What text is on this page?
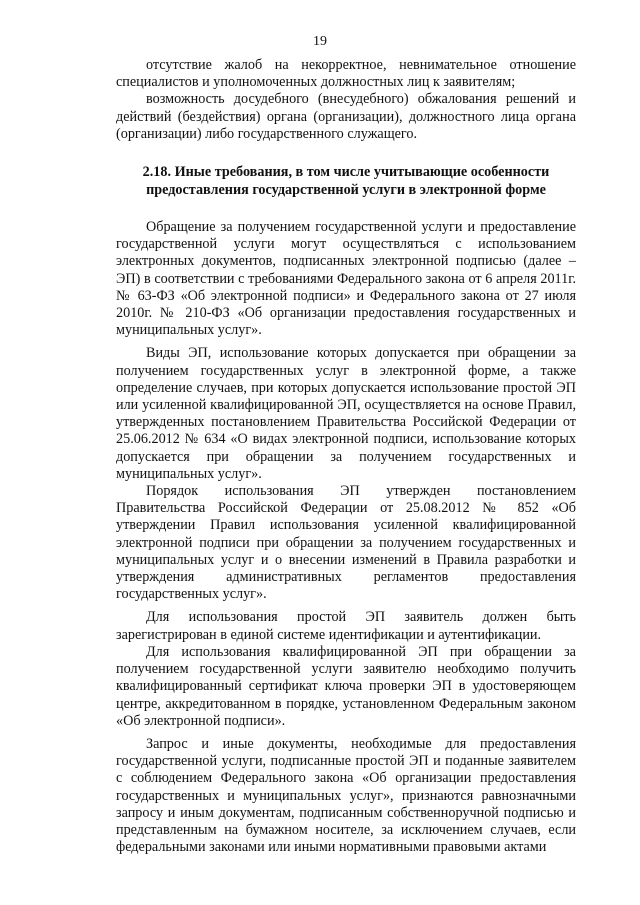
19

отсутствие жалоб на некорректное, невнимательное отношение специалистов и уполномоченных должностных лиц к заявителям;

возможность досудебного (внесудебного) обжалования решений и действий (бездействия) органа (организации), должностного лица органа (организации) либо государственного служащего.

2.18. Иные требования, в том числе учитывающие особенности предоставления государственной услуги в электронной форме

Обращение за получением государственной услуги и предоставление государственной услуги могут осуществляться с использованием электронных документов, подписанных электронной подписью (далее – ЭП) в соответствии с требованиями Федерального закона от 6 апреля 2011г. № 63-ФЗ «Об электронной подписи» и Федерального закона от 27 июля 2010г. № 210-ФЗ «Об организации предоставления государственных и муниципальных услуг».

Виды ЭП, использование которых допускается при обращении за получением государственных услуг в электронной форме, а также определение случаев, при которых допускается использование простой ЭП или усиленной квалифицированной ЭП, осуществляется на основе Правил, утвержденных постановлением Правительства Российской Федерации от 25.06.2012 № 634 «О видах электронной подписи, использование которых допускается при обращении за получением государственных и муниципальных услуг».

Порядок использования ЭП утвержден постановлением Правительства Российской Федерации от 25.08.2012 № 852 «Об утверждении Правил использования усиленной квалифицированной электронной подписи при обращении за получением государственных и муниципальных услуг и о внесении изменений в Правила разработки и утверждения административных регламентов предоставления государственных услуг».

Для использования простой ЭП заявитель должен быть зарегистрирован в единой системе идентификации и аутентификации.

Для использования квалифицированной ЭП при обращении за получением государственной услуги заявителю необходимо получить квалифицированный сертификат ключа проверки ЭП в удостоверяющем центре, аккредитованном в порядке, установленном Федеральным законом «Об электронной подписи».

Запрос и иные документы, необходимые для предоставления государственной услуги, подписанные простой ЭП и поданные заявителем с соблюдением Федерального закона «Об организации предоставления государственных и муниципальных услуг», признаются равнозначными запросу и иным документам, подписанным собственноручной подписью и представленным на бумажном носителе, за исключением случаев, если федеральными законами или иными нормативными правовыми актами
